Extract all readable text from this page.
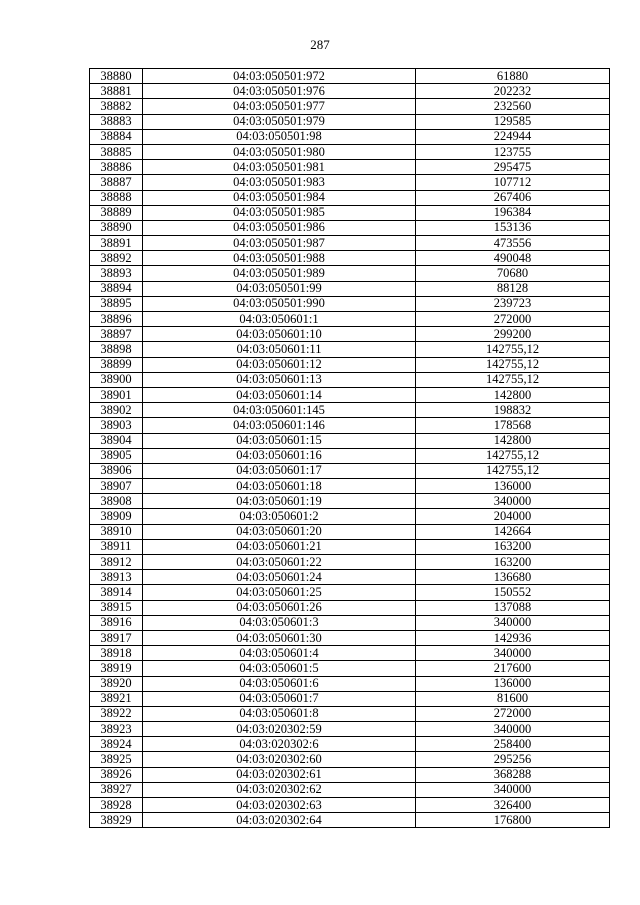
287
38880	04:03:050501:972	61880
38881	04:03:050501:976	202232
38882	04:03:050501:977	232560
38883	04:03:050501:979	129585
38884	04:03:050501:98	224944
38885	04:03:050501:980	123755
38886	04:03:050501:981	295475
38887	04:03:050501:983	107712
38888	04:03:050501:984	267406
38889	04:03:050501:985	196384
38890	04:03:050501:986	153136
38891	04:03:050501:987	473556
38892	04:03:050501:988	490048
38893	04:03:050501:989	70680
38894	04:03:050501:99	88128
38895	04:03:050501:990	239723
38896	04:03:050601:1	272000
38897	04:03:050601:10	299200
38898	04:03:050601:11	142755,12
38899	04:03:050601:12	142755,12
38900	04:03:050601:13	142755,12
38901	04:03:050601:14	142800
38902	04:03:050601:145	198832
38903	04:03:050601:146	178568
38904	04:03:050601:15	142800
38905	04:03:050601:16	142755,12
38906	04:03:050601:17	142755,12
38907	04:03:050601:18	136000
38908	04:03:050601:19	340000
38909	04:03:050601:2	204000
38910	04:03:050601:20	142664
38911	04:03:050601:21	163200
38912	04:03:050601:22	163200
38913	04:03:050601:24	136680
38914	04:03:050601:25	150552
38915	04:03:050601:26	137088
38916	04:03:050601:3	340000
38917	04:03:050601:30	142936
38918	04:03:050601:4	340000
38919	04:03:050601:5	217600
38920	04:03:050601:6	136000
38921	04:03:050601:7	81600
38922	04:03:050601:8	272000
38923	04:03:020302:59	340000
38924	04:03:020302:6	258400
38925	04:03:020302:60	295256
38926	04:03:020302:61	368288
38927	04:03:020302:62	340000
38928	04:03:020302:63	326400
38929	04:03:020302:64	176800
